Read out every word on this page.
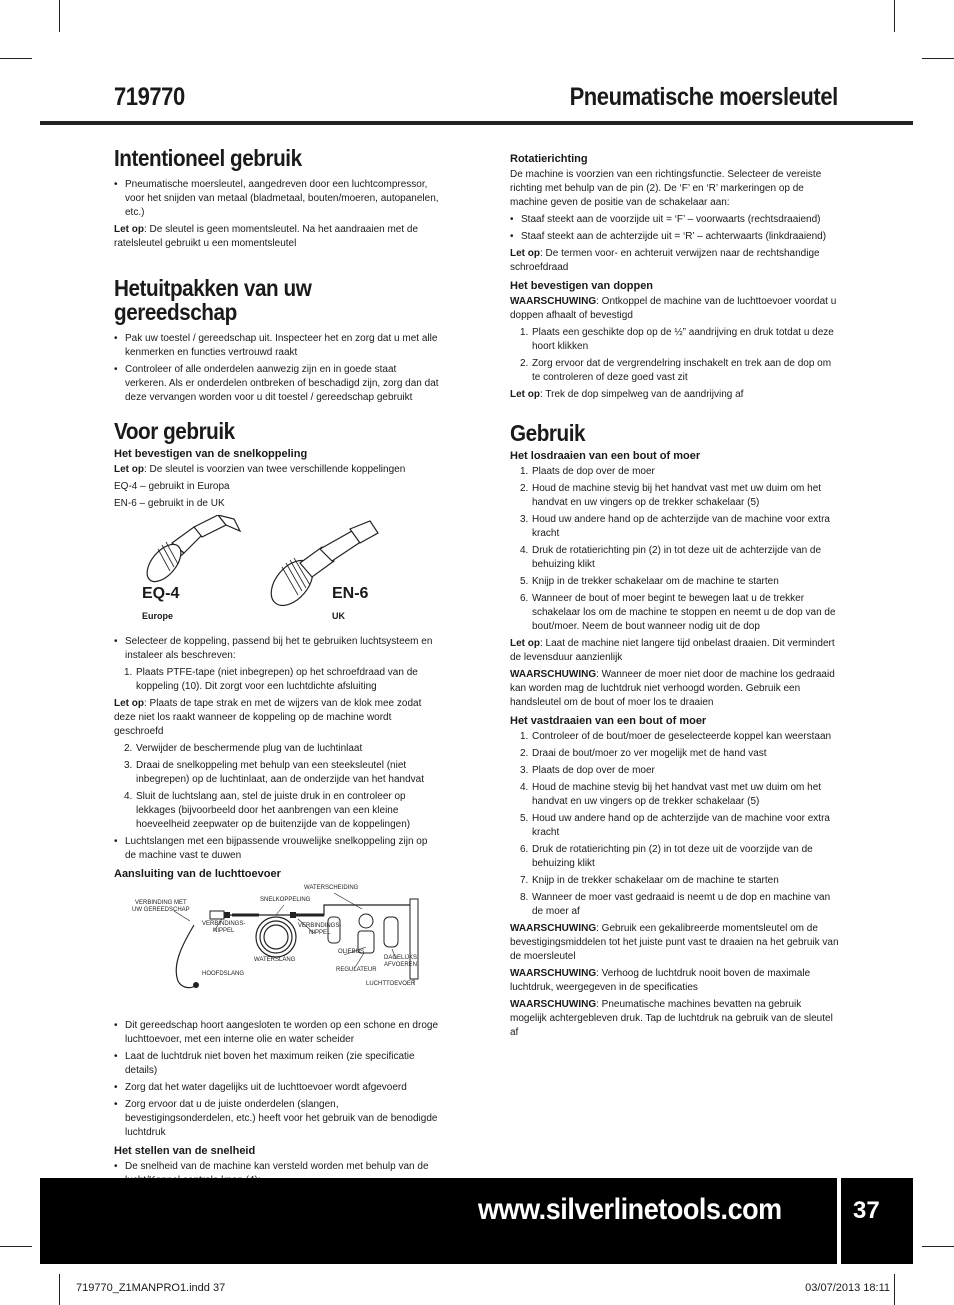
719770	Pneumatische moersleutel
Intentioneel gebruik
• Pneumatische moersleutel, aangedreven door een luchtcompressor, voor het snijden van metaal (bladmetaal, bouten/moeren, autopanelen, etc.)

Let op: De sleutel is geen momentsleutel. Na het aandraaien met de ratelsleutel gebruikt u een momentsleutel

Hetuitpakken van uw gereedschap
• Pak uw toestel / gereedschap uit. Inspecteer het en zorg dat u met alle kenmerken en functies vertrouwd raakt
• Controleer of alle onderdelen aanwezig zijn en in goede staat verkeren. Als er onderdelen ontbreken of beschadigd zijn, zorg dan dat deze vervangen worden voor u dit toestel / gereedschap gebruikt
Voor gebruik
Het bevestigen van de snelkoppeling

Let op: De sleutel is voorzien van twee verschillende koppelingen

EQ-4 – gebruikt in Europa

EN-6 – gebruikt in de UK

EQ-4
Europe
EN-6
UK
• Selecteer de koppeling, passend bij het te gebruiken luchtsysteem en instaleer als beschreven:
1. Plaats PTFE-tape (niet inbegrepen) op het schroefdraad van de koppeling (10). Dit zorgt voor een luchtdichte afsluiting

Let op: Plaats de tape strak en met de wijzers van de klok mee zodat deze niet los raakt wanneer de koppeling op de machine wordt geschroefd

2. Verwijder de beschermende plug van de luchtinlaat
3. Draai de snelkoppeling met behulp van een steeksleutel (niet inbegrepen) op de luchtinlaat, aan de onderzijde van het handvat
4. Sluit de luchtslang aan, stel de juiste druk in en controleer op lekkages (bijvoorbeeld door het aanbrengen van een kleine hoeveelheid zeepwater op de buitenzijde van de koppelingen)
• Luchtslangen met een bijpassende vrouwelijke snelkoppeling zijn op de machine vast te duwen
Aansluiting van de luchttoevoer
WATERSCHEIDING
SNELKOPPELING
VERBINDING MET
UW GEREEDSCHAP
VERBINDINGS-
NIPPEL
VERBINDINGS-
NIPPEL
WATERSLANG
OLIEBUS
DAGELIJKS
AFVOEREN
HOOFDSLANG
REGULATEUR
LUCHTTOEVOER
• Dit gereedschap hoort aangesloten te worden op een schone en droge luchttoevoer, met een interne olie en water scheider
• Laat de luchtdruk niet boven het maximum reiken (zie specificatie details)
• Zorg dat het water dagelijks uit de luchttoevoer wordt afgevoerd
• Zorg ervoor dat u de juiste onderdelen (slangen, bevestigingsonderdelen, etc.) heeft voor het gebruik van de benodigde luchtdruk
Het stellen van de snelheid
• De snelheid van de machine kan versteld worden met behulp van de

Rotatierichting

De machine is voorzien van een richtingsfunctie. Selecteer de vereiste richting met behulp van de pin (2). De ‘F’ en ‘R’ markeringen op de machine geven de positie van de schakelaar aan:

• Staaf steekt aan de voorzijde uit = ‘F’ – voorwaarts (rechtsdraaiend)
• Staaf steekt aan de achterzijde uit = ‘R’ – achterwaarts (linkdraaiend)

Let op: De termen voor- en achteruit verwijzen naar de rechtshandige schroefdraad

Het bevestigen van doppen

WAARSCHUWING: Ontkoppel de machine van de luchttoevoer voordat u doppen afhaalt of bevestigd

1. Plaats een geschikte dop op de ½” aandrijving en druk totdat u deze hoort klikken
2. Zorg ervoor dat de vergrendelring inschakelt en trek aan de dop om te controleren of deze goed vast zit

Let op: Trek de dop simpelweg van de aandrijving af

Gebruik
Het losdraaien van een bout of moer
1. Plaats de dop over de moer
2. Houd de machine stevig bij het handvat vast met uw duim om het handvat en uw vingers op de trekker schakelaar (5)
3. Houd uw andere hand op de achterzijde van de machine voor extra kracht
4. Druk de rotatierichting pin (2) in tot deze uit de achterzijde van de behuizing klikt
5. Knijp in de trekker schakelaar om de machine te starten
6. Wanneer de bout of moer begint te bewegen laat u de trekker schakelaar los om de machine te stoppen en neemt u de dop van de bout/moer. Neem de bout wanneer nodig uit de dop

Let op: Laat de machine niet langere tijd onbelast draaien. Dit vermindert de levensduur aanzienlijk

WAARSCHUWING: Wanneer de moer niet door de machine los gedraaid kan worden mag de luchtdruk niet verhoogd worden. Gebruik een handsleutel om de bout of moer los te draaien

Het vastdraaien van een bout of moer
1. Controleer of de bout/moer de geselecteerde koppel kan weerstaan
2. Draai de bout/moer zo ver mogelijk met de hand vast
3. Plaats de dop over de moer
4. Houd de machine stevig bij het handvat vast met uw duim om het handvat en uw vingers op de trekker schakelaar (5)
5. Houd uw andere hand op de achterzijde van de machine voor extra kracht
6. Druk de rotatierichting pin (2) in tot deze uit de voorzijde van de behuizing klikt
7. Knijp in de trekker schakelaar om de machine te starten
8. Wanneer de moer vast gedraaid is neemt u de dop en machine van de moer af

WAARSCHUWING: Gebruik een gekalibreerde momentsleutel om de bevestigingsmiddelen tot het juiste punt vast te draaien na het gebruik van de moersleutel

WAARSCHUWING: Verhoog de luchtdruk nooit boven de maximale luchtdruk, weergegeven in de specificaties

WAARSCHUWING: Pneumatische machines bevatten na gebruik mogelijk achtergebleven druk. Tap de luchtdruk na gebruik van de sleutel af

www.silverlinetools.com	37
719770_Z1MANPRO1.indd 37	03/07/2013 18:11
